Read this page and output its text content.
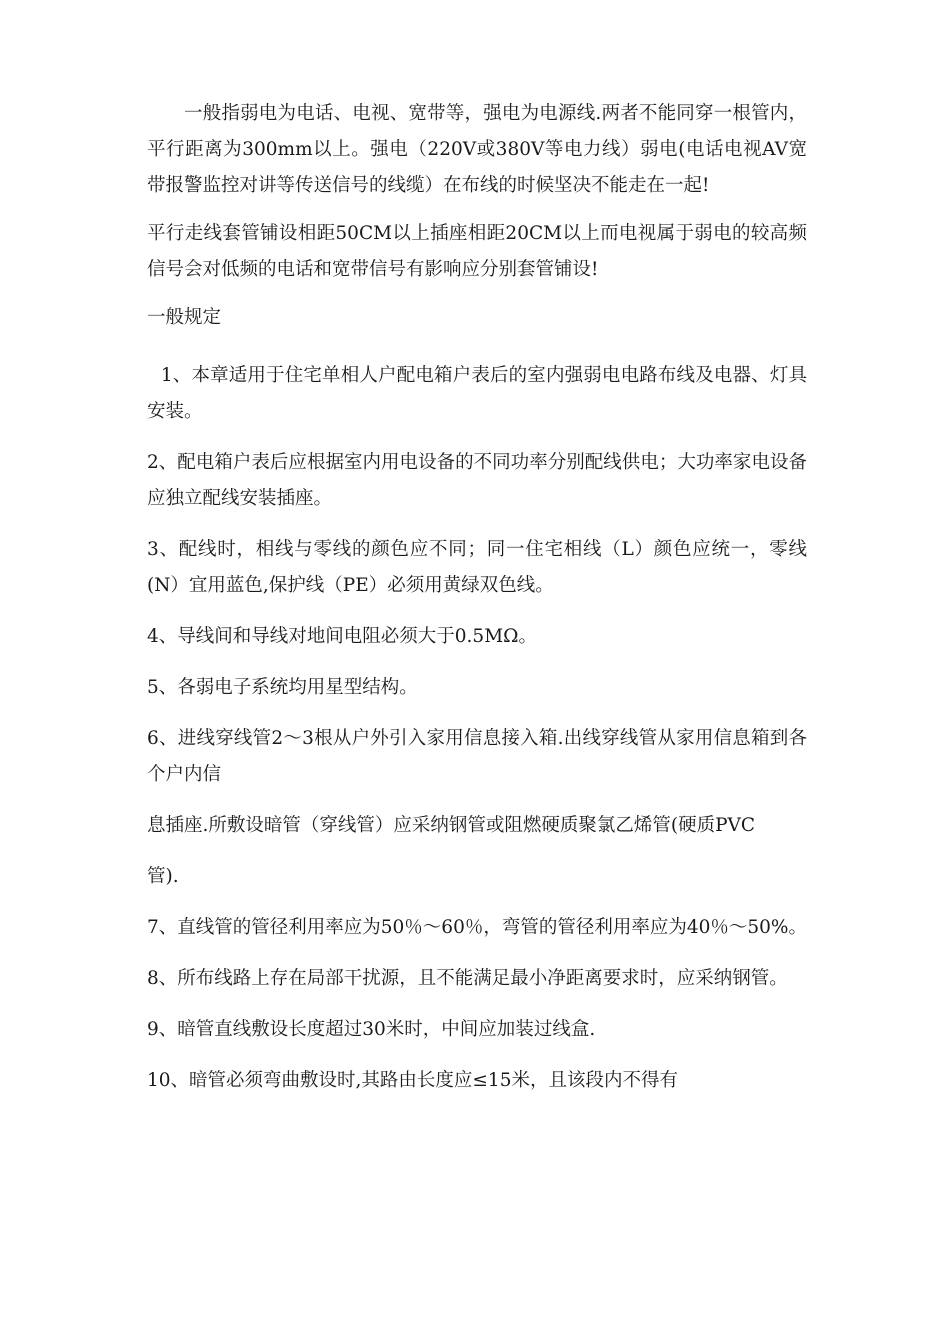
一般指弱电为电话、电视、宽带等，强电为电源线.两者不能同穿一根管内，平行距离为300mm以上。强电（220V或380V等电力线）弱电(电话电视AV宽带报警监控对讲等传送信号的线缆）在布线的时候坚决不能走在一起!

平行走线套管铺设相距50CM以上插座相距20CM以上而电视属于弱电的较高频信号会对低频的电话和宽带信号有影响应分别套管铺设!

一般规定

1、本章适用于住宅单相人户配电箱户表后的室内强弱电电路布线及电器、灯具安装。

2、配电箱户表后应根据室内用电设备的不同功率分别配线供电；大功率家电设备应独立配线安装插座。

3、配线时，相线与零线的颜色应不同；同一住宅相线（L）颜色应统一，零线(N）宜用蓝色,保护线（PE）必须用黄绿双色线。

4、导线间和导线对地间电阻必须大于0.5MΩ。

5、各弱电子系统均用星型结构。

6、进线穿线管2～3根从户外引入家用信息接入箱.出线穿线管从家用信息箱到各个户内信

息插座.所敷设暗管（穿线管）应采纳钢管或阻燃硬质聚氯乙烯管(硬质PVC

管).

7、直线管的管径利用率应为50％～60％，弯管的管径利用率应为40％～50%。

8、所布线路上存在局部干扰源，且不能满足最小净距离要求时，应采纳钢管。

9、暗管直线敷设长度超过30米时，中间应加装过线盒.

10、暗管必须弯曲敷设时,其路由长度应≤15米，且该段内不得有
